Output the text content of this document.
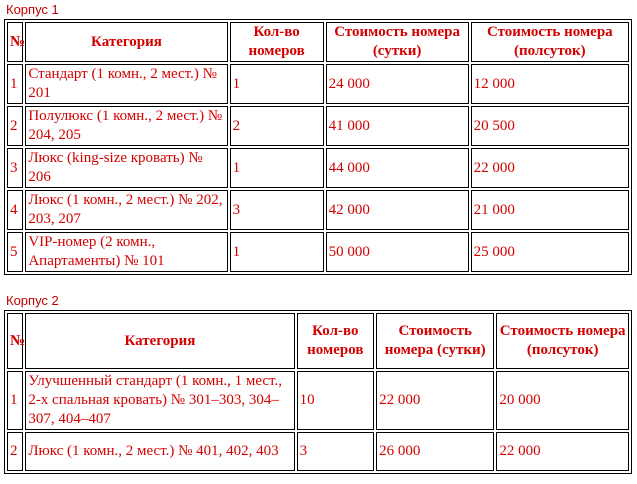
Корпус 1
№	Категория	Кол-во номеров	Стоимость номера (сутки)	Стоимость номера (полсуток)
1	Стандарт (1 комн., 2 мест.) № 201	1	24 000	12 000
2	Полулюкс (1 комн., 2 мест.) № 204, 205	2	41 000	20 500
3	Люкс (king-size кровать) № 206	1	44 000	22 000
4	Люкс (1 комн., 2 мест.) № 202, 203, 207	3	42 000	21 000
5	VIP-номер (2 комн., Апартаменты) № 101	1	50 000	25 000
Корпус 2
№	Категория	Кол-во номеров	Стоимость номера (сутки)	Стоимость номера (полсуток)
1	Улучшенный стандарт (1 комн., 1 мест., 2-х спальная кровать) № 301–303, 304–307, 404–407	10	22 000	20 000
2	Люкс (1 комн., 2 мест.) № 401, 402, 403	3	26 000	22 000
